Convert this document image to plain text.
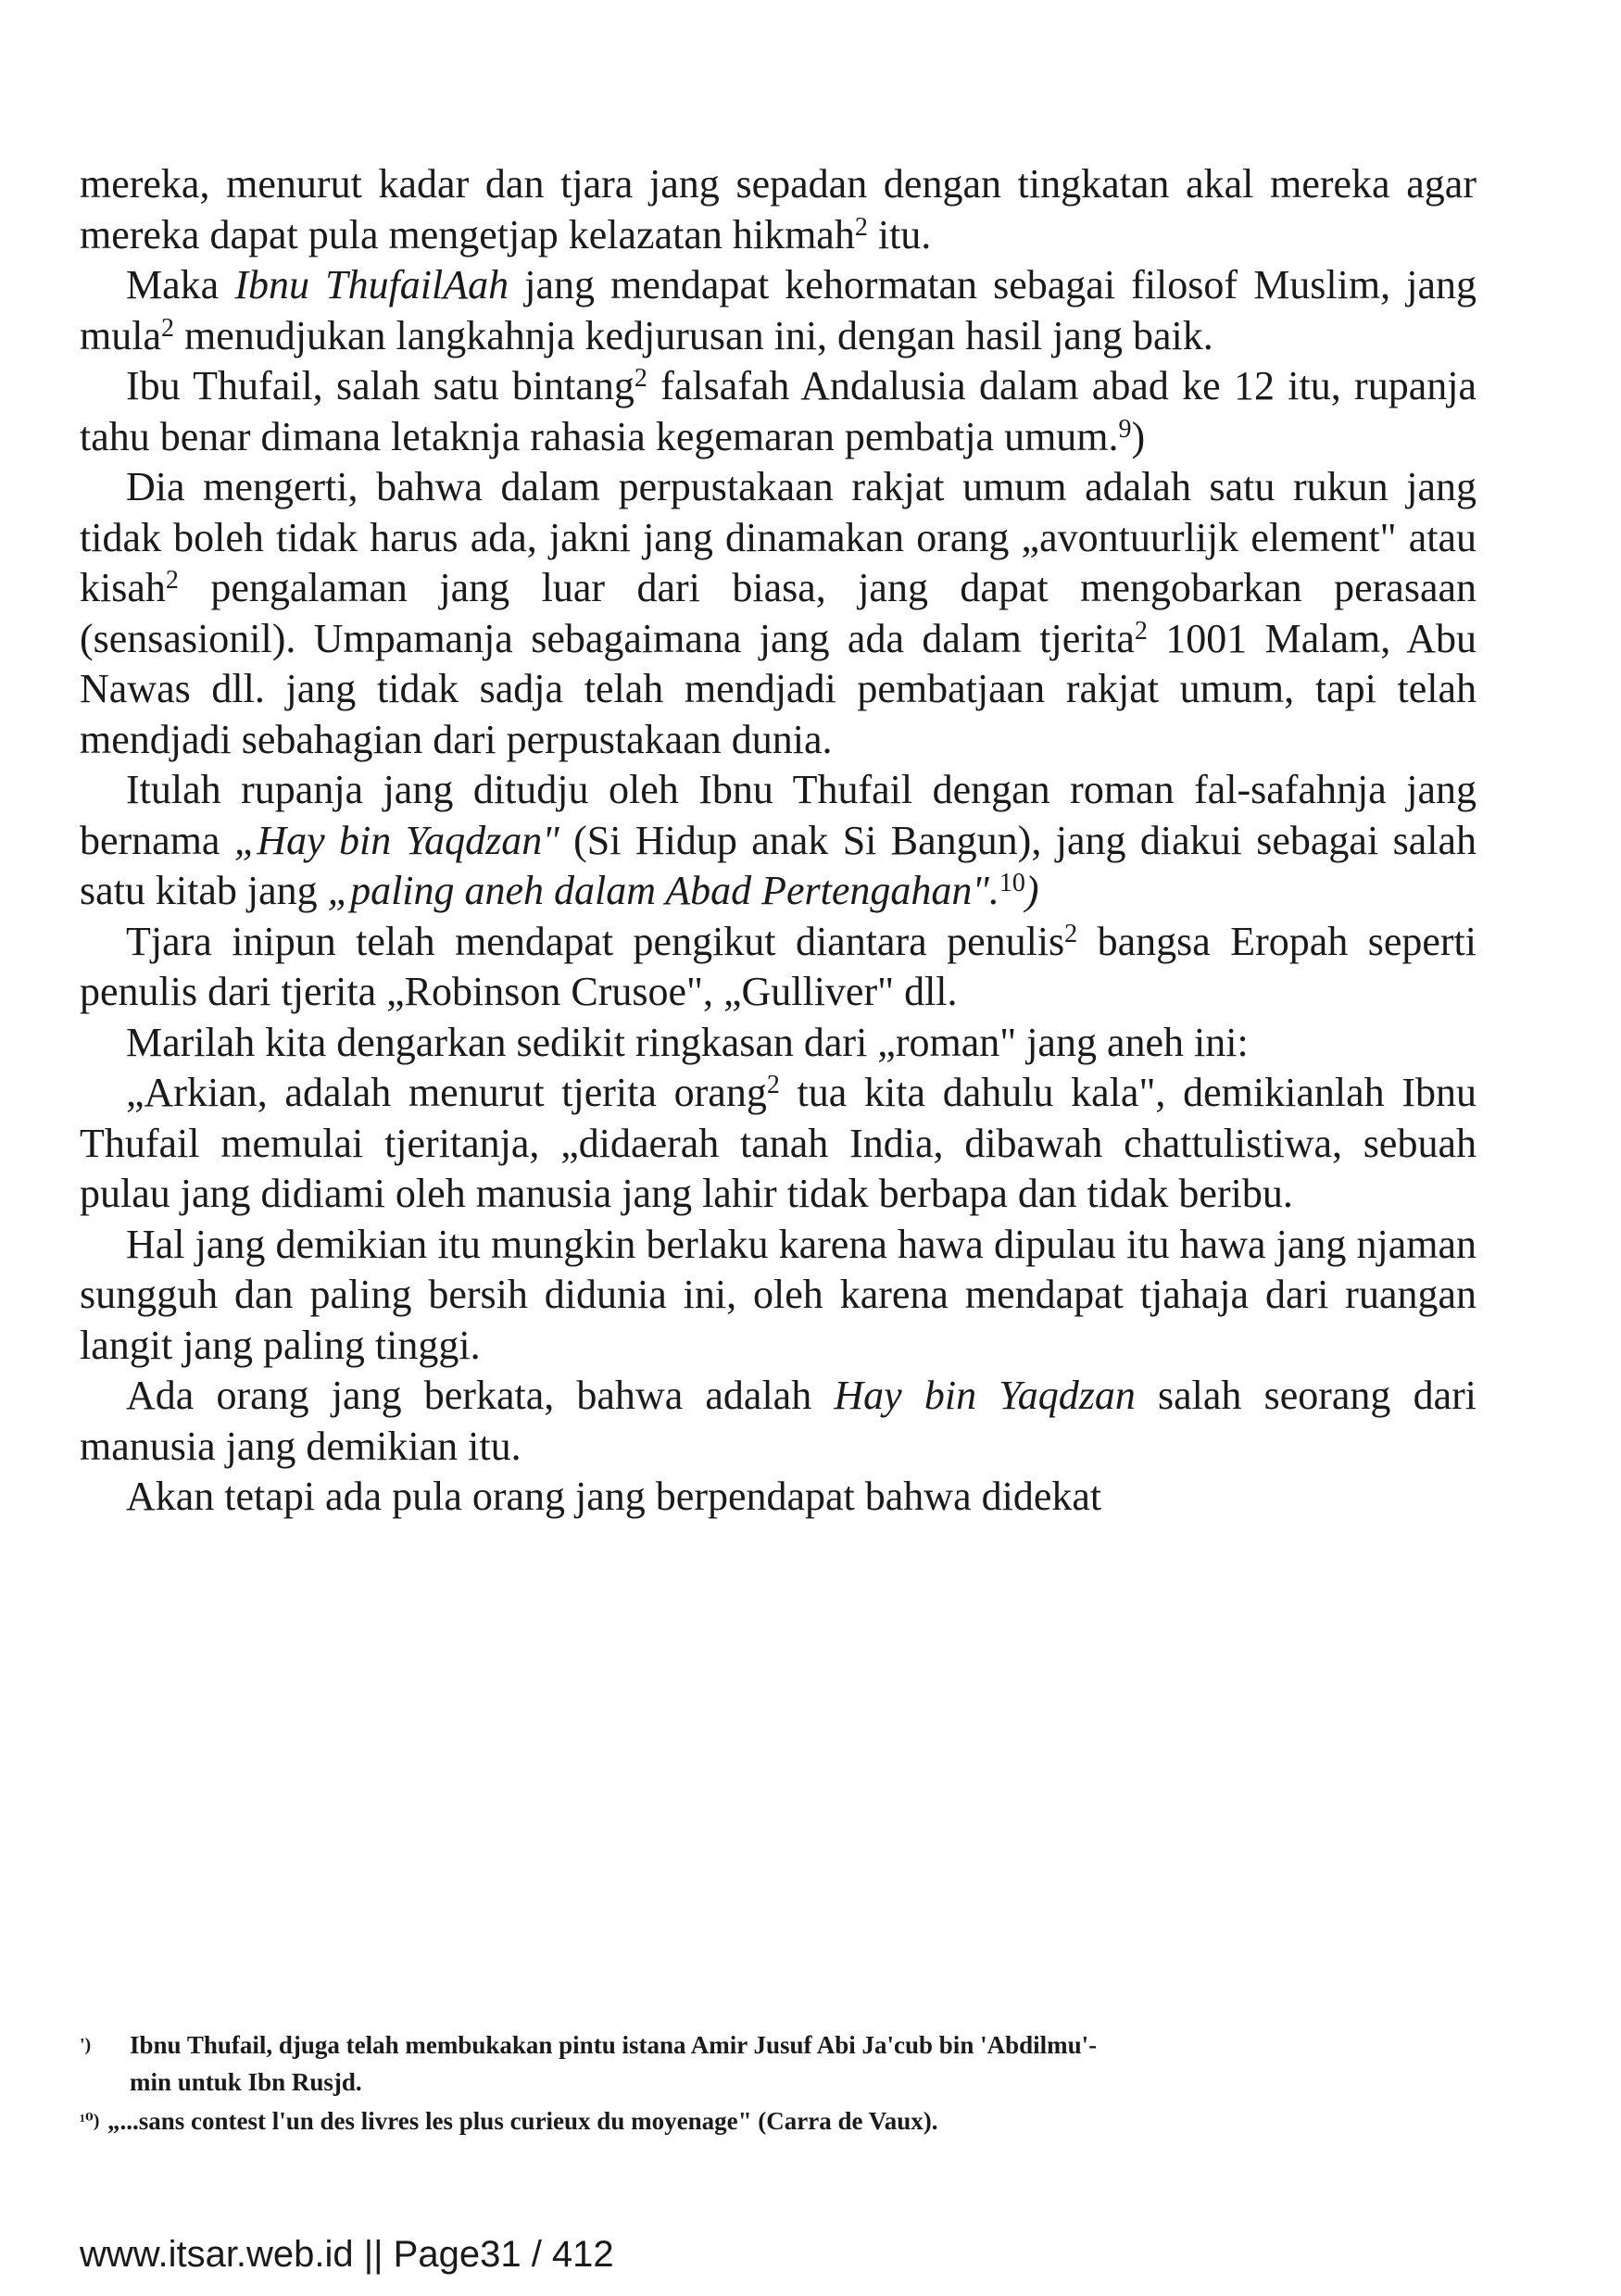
mereka, menurut kadar dan tjara jang sepadan dengan tingkatan akal mereka agar mereka dapat pula mengetjap kelazatan hikmah$^2$ itu.

Maka Ibnu ThufailAah jang mendapat kehormatan sebagai filosof Muslim, jang mula$^2$ menudjukan langkahnja kedjurusan ini, dengan hasil jang baik.

Ibu Thufail, salah satu bintang$^2$ falsafah Andalusia dalam abad ke 12 itu, rupanja tahu benar dimana letaknja rahasia kegemaran pembatja umum.$^9$)

Dia mengerti, bahwa dalam perpustakaan rakjat umum adalah satu rukun jang tidak boleh tidak harus ada, jakni jang dinamakan orang „avontuurlijk element" atau kisah$^2$ pengalaman jang luar dari biasa, jang dapat mengobarkan perasaan (sensasionil). Umpamanja sebagaimana jang ada dalam tjerita$^2$ 1001 Malam, Abu Nawas dll. jang tidak sadja telah mendjadi pembatjaan rakjat umum, tapi telah mendjadi sebahagian dari perpustakaan dunia.

Itulah rupanja jang ditudju oleh Ibnu Thufail dengan roman fal-safahnja jang bernama „Hay bin Yaqdzan" (Si Hidup anak Si Bangun), jang diakui sebagai salah satu kitab jang „paling aneh dalam Abad Pertengahan".$^{10}$)

Tjara inipun telah mendapat pengikut diantara penulis$^2$ bangsa Eropah seperti penulis dari tjerita „Robinson Crusoe", „Gulliver" dll.

Marilah kita dengarkan sedikit ringkasan dari „roman" jang aneh ini:

„Arkian, adalah menurut tjerita orang$^2$ tua kita dahulu kala", demikianlah Ibnu Thufail memulai tjeritanja, „didaerah tanah India, dibawah chattulistiwa, sebuah pulau jang didiami oleh manusia jang lahir tidak berbapa dan tidak beribu.

Hal jang demikian itu mungkin berlaku karena hawa dipulau itu hawa jang njaman sungguh dan paling bersih didunia ini, oleh karena mendapat tjahaja dari ruangan langit jang paling tinggi.

Ada orang jang berkata, bahwa adalah Hay bin Yaqdzan salah seorang dari manusia jang demikian itu.

Akan tetapi ada pula orang jang berpendapat bahwa didekat

') Ibnu Thufail, djuga telah membukakan pintu istana Amir Jusuf Abi Ja'cub bin 'Abdilmu'-
min untuk Ibn Rusjd.
¹⁰) „...sans contest l'un des livres les plus curieux du moyenage" (Carra de Vaux).
www.itsar.web.id || Page31 / 412
